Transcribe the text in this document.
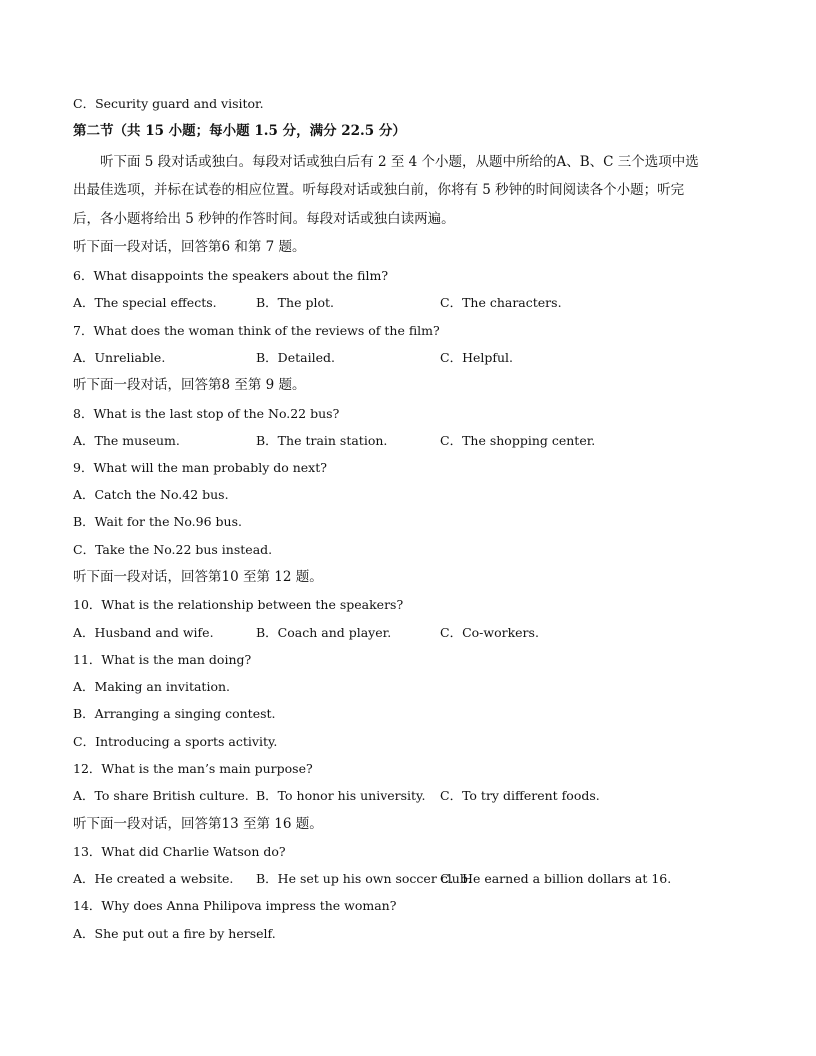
C．Security guard and visitor.
第二节（共 15 小题；每小题 1.5 分，满分 22.5 分）
听下面 5 段对话或独白。每段对话或独白后有 2 至 4 个小题，从题中所给的A、B、C 三个选项中选
出最佳选项，并标在试卷的相应位置。听每段对话或独白前，你将有 5 秒钟的时间阅读各个小题；听完
后，各小题将给出 5 秒钟的作答时间。每段对话或独白读两遍。
听下面一段对话，回答第6 和第 7 题。
6．What disappoints the speakers about the film?
A．The special effects.	B．The plot.	C．The characters.
7．What does the woman think of the reviews of the film?
A．Unreliable.	B．Detailed.	C．Helpful.
听下面一段对话，回答第8 至第 9 题。
8．What is the last stop of the No.22 bus?
A．The museum.	B．The train station.	C．The shopping center.
9．What will the man probably do next?
A．Catch the No.42 bus.
B．Wait for the No.96 bus.
C．Take the No.22 bus instead.
听下面一段对话，回答第10 至第 12 题。
10．What is the relationship between the speakers?
A．Husband and wife.	B．Coach and player.	C．Co-workers.
11．What is the man doing?
A．Making an invitation.
B．Arranging a singing contest.
C．Introducing a sports activity.
12．What is the man’s main purpose?
A．To share British culture. B．To honor his university. C．To try different foods.
听下面一段对话，回答第13 至第 16 题。
13．What did Charlie Watson do?
A．He created a website. B．He set up his own soccer club.
C．He earned a billion dollars at 16.
14．Why does Anna Philipova impress the woman?
A．She put out a fire by herself.
